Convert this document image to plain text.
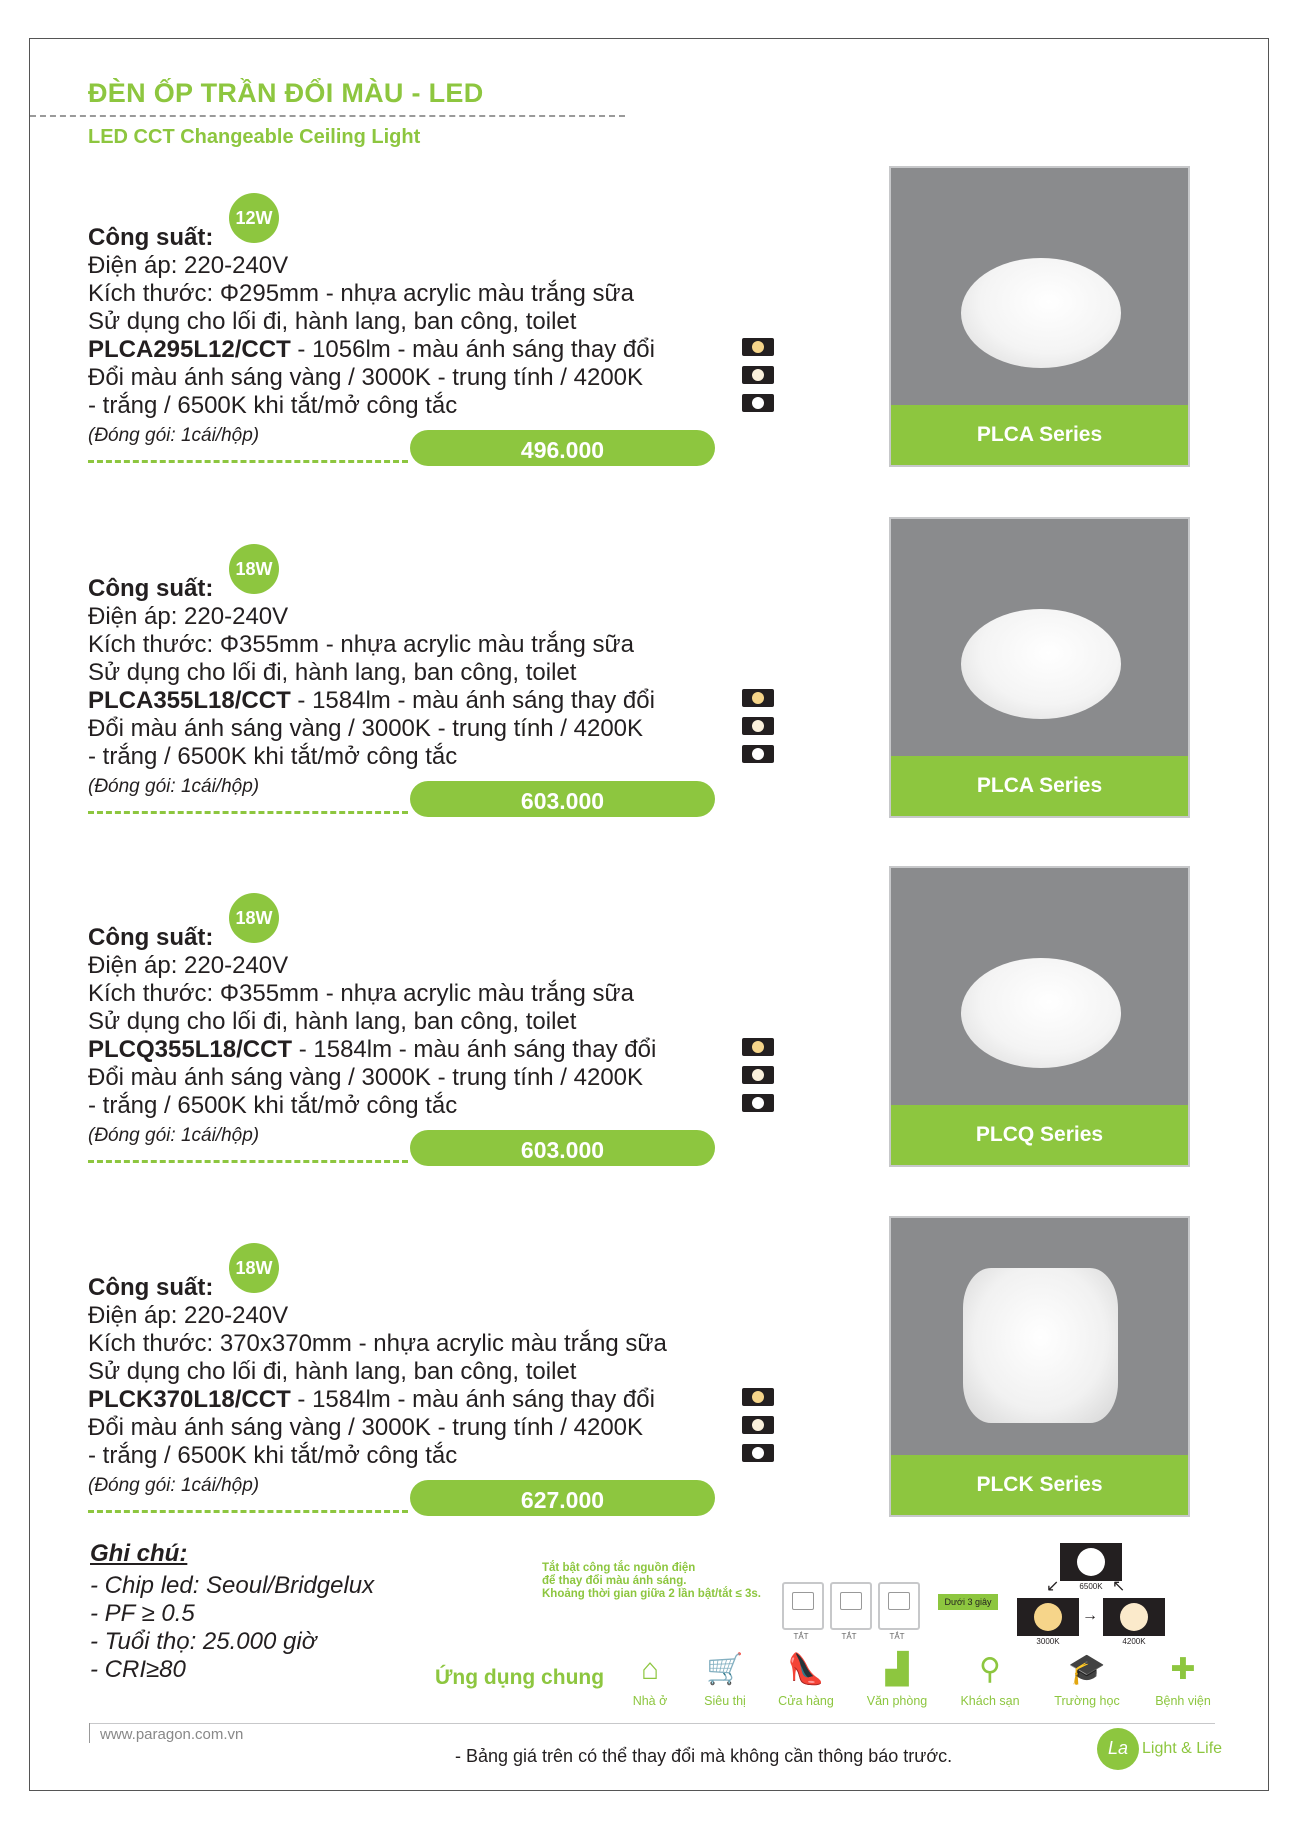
ĐÈN ỐP TRẦN ĐỔI MÀU - LED
LED CCT Changeable Ceiling Light
Công suất:
Điện áp: 220-240V
Kích thước: Φ295mm - nhựa acrylic màu trắng sữa
Sử dụng cho lối đi, hành lang, ban công, toilet
PLCA295L12/CCT - 1056lm - màu ánh sáng thay đổi
Đổi màu ánh sáng vàng / 3000K - trung tính / 4200K
- trắng / 6500K khi tắt/mở công tắc
12W
(Đóng gói: 1cái/hộp)
496.000
PLCA Series
Công suất:
Điện áp: 220-240V
Kích thước: Φ355mm - nhựa acrylic màu trắng sữa
Sử dụng cho lối đi, hành lang, ban công, toilet
PLCA355L18/CCT - 1584lm - màu ánh sáng thay đổi
Đổi màu ánh sáng vàng / 3000K - trung tính / 4200K
- trắng / 6500K khi tắt/mở công tắc
18W
(Đóng gói: 1cái/hộp)
603.000
PLCA Series
Công suất:
Điện áp: 220-240V
Kích thước: Φ355mm - nhựa acrylic màu trắng sữa
Sử dụng cho lối đi, hành lang, ban công, toilet
PLCQ355L18/CCT - 1584lm - màu ánh sáng thay đổi
Đổi màu ánh sáng vàng / 3000K - trung tính / 4200K
- trắng / 6500K khi tắt/mở công tắc
18W
(Đóng gói: 1cái/hộp)
603.000
PLCQ Series
Công suất:
Điện áp: 220-240V
Kích thước: 370x370mm - nhựa acrylic màu trắng sữa
Sử dụng cho lối đi, hành lang, ban công, toilet
PLCK370L18/CCT - 1584lm - màu ánh sáng thay đổi
Đổi màu ánh sáng vàng / 3000K - trung tính / 4200K
- trắng / 6500K khi tắt/mở công tắc
18W
(Đóng gói: 1cái/hộp)
627.000
PLCK Series
Ghi chú:
- Chip led: Seoul/Bridgelux
- PF ≥ 0.5
- Tuổi thọ: 25.000 giờ
- CRI≥80
Tắt bật công tắc nguồn điện
để thay đổi màu ánh sáng.
Khoảng thời gian giữa 2 lần bật/tắt ≤ 3s.
TẮT	TẮT	TẮT
Dưới 3 giây
6500K
3000K	4200K
→
↙	↖
Ứng dụng chung	⌂
Nhà ở
🛒
Siêu thị
👠
Cửa hàng
▟
Văn phòng
⚲
Khách sạn
🎓
Trường học
✚
Bệnh viện
www.paragon.com.vn
- Bảng giá trên có thể thay đổi mà không cần thông báo trước.	La Light & Life
